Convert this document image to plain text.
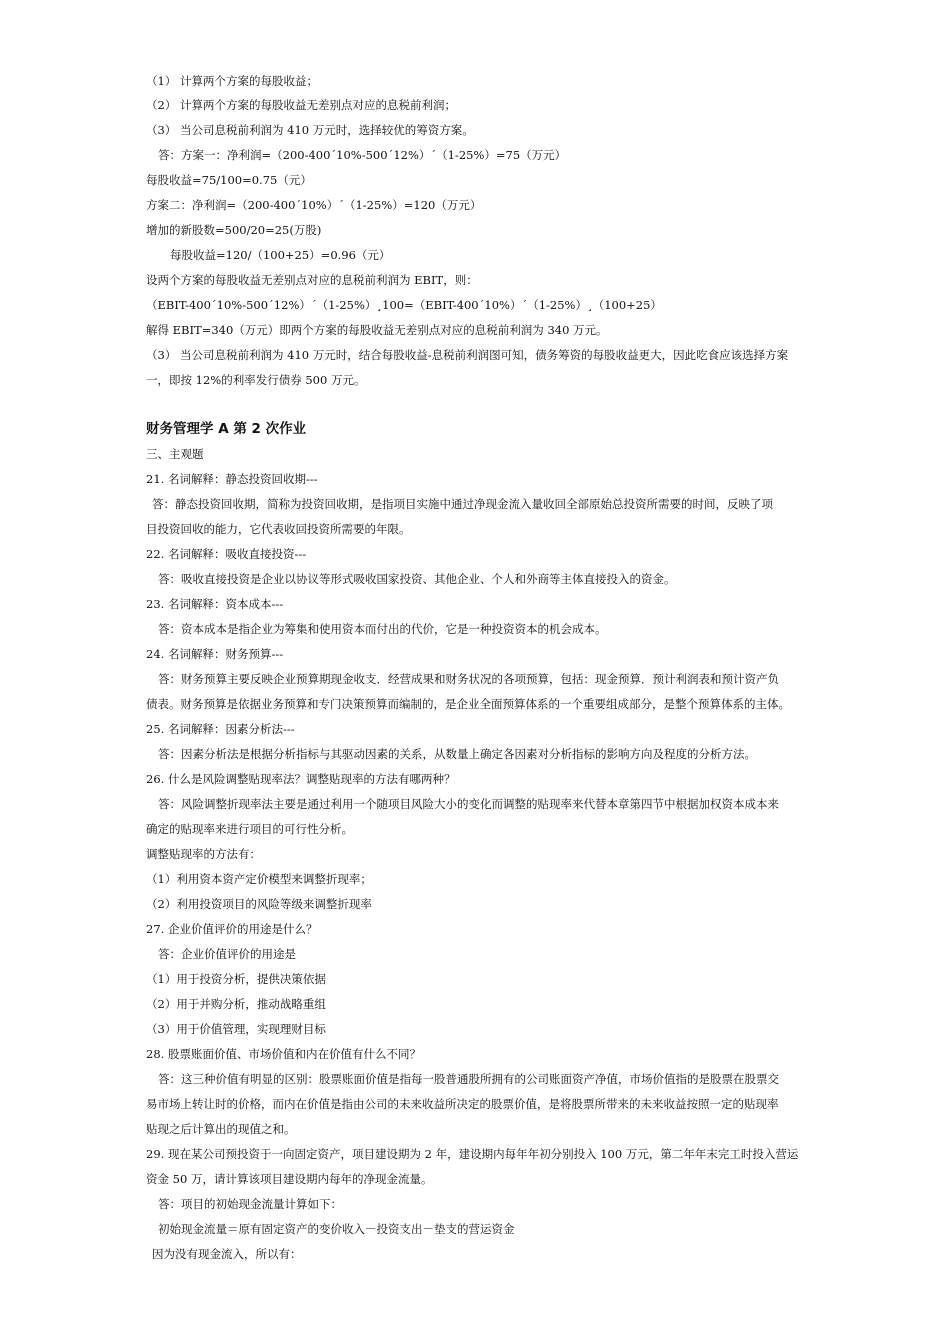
（1） 计算两个方案的每股收益；
（2） 计算两个方案的每股收益无差别点对应的息税前利润；
（3） 当公司息税前利润为 410 万元时，选择较优的筹资方案。
答：方案一：净利润=（200-400´10%-500´12%）´（1-25%）=75（万元）
每股收益=75/100=0.75（元）
方案二：净利润=（200-400´10%）´（1-25%）=120（万元）
增加的新股数=500/20=25(万股)
每股收益=120/（100+25）=0.96（元）
设两个方案的每股收益无差别点对应的息税前利润为 EBIT，则：
（EBIT-400´10%-500´12%）´（1-25%）¸100=（EBIT-400´10%）´（1-25%）¸（100+25）
解得 EBIT=340（万元）即两个方案的每股收益无差别点对应的息税前利润为 340 万元。
（3） 当公司息税前利润为 410 万元时，结合每股收益-息税前利润图可知，债务筹资的每股收益更大，因此吃食应该选择方案
一，即按 12%的利率发行债券 500 万元。
财务管理学 A 第 2 次作业
三、主观题
21. 名词解释：静态投资回收期---
答：静态投资回收期，简称为投资回收期，是指项目实施中通过净现金流入量收回全部原始总投资所需要的时间，反映了项
目投资回收的能力，它代表收回投资所需要的年限。
22. 名词解释：吸收直接投资---
答：吸收直接投资是企业以协议等形式吸收国家投资、其他企业、个人和外商等主体直接投入的资金。
23. 名词解释：资本成本---
答：资本成本是指企业为筹集和使用资本而付出的代价，它是一种投资资本的机会成本。
24. 名词解释：财务预算---
答：财务预算主要反映企业预算期现金收支．经营成果和财务状况的各项预算，包括：现金预算．预计利润表和预计资产负
债表。财务预算是依据业务预算和专门决策预算而编制的，是企业全面预算体系的一个重要组成部分，是整个预算体系的主体。
25. 名词解释：因素分析法---
答：因素分析法是根据分析指标与其驱动因素的关系，从数量上确定各因素对分析指标的影响方向及程度的分析方法。
26. 什么是风险调整贴现率法？调整贴现率的方法有哪两种？
答：风险调整折现率法主要是通过利用一个随项目风险大小的变化而调整的贴现率来代替本章第四节中根据加权资本成本来
确定的贴现率来进行项目的可行性分析。
调整贴现率的方法有：
（1）利用资本资产定价模型来调整折现率；
（2）利用投资项目的风险等级来调整折现率
27. 企业价值评价的用途是什么？
答：企业价值评价的用途是
（1）用于投资分析，提供决策依据
（2）用于并购分析，推动战略重组
（3）用于价值管理，实现理财目标
28. 股票账面价值、市场价值和内在价值有什么不同？
答：这三种价值有明显的区别：股票账面价值是指每一股普通股所拥有的公司账面资产净值，市场价值指的是股票在股票交
易市场上转让时的价格，而内在价值是指由公司的未来收益所决定的股票价值，是将股票所带来的未来收益按照一定的贴现率
贴现之后计算出的现值之和。
29. 现在某公司预投资于一向固定资产，项目建设期为 2 年，建设期内每年年初分别投入 100 万元，第二年年末完工时投入营运
资金 50 万，请计算该项目建设期内每年的净现金流量。
答：项目的初始现金流量计算如下：
初始现金流量＝原有固定资产的变价收入－投资支出－垫支的营运资金
因为没有现金流入，所以有：
